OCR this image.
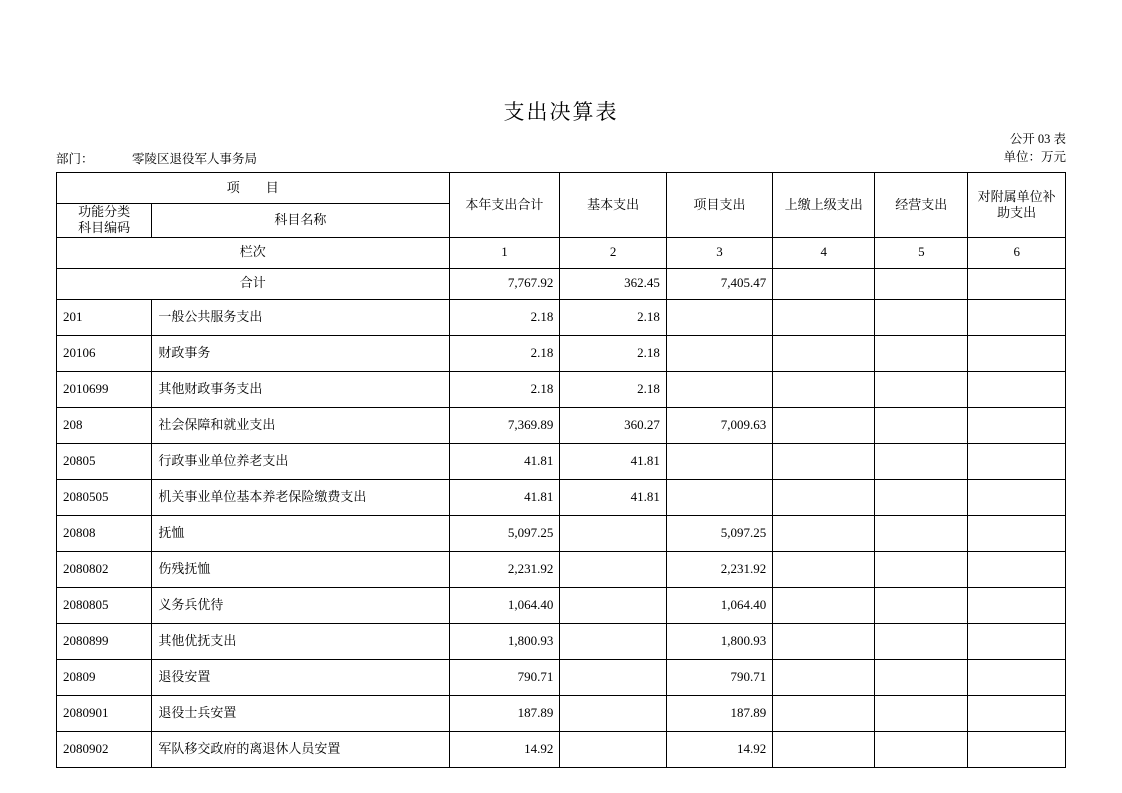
支出决算表
公开 03 表
单位：万元
部门：	零陵区退役军人事务局
项　　目		本年支出合计	基本支出	项目支出	上缴上级支出	经营支出	对附属单位补助支出

功能分类
科目编码	科目名称						
栏次		1	2	3	4	5	6
合计		7,767.92	362.45	7,405.47			
201	一般公共服务支出	2.18	2.18				
20106	财政事务	2.18	2.18				
2010699	其他财政事务支出	2.18	2.18				
208	社会保障和就业支出	7,369.89	360.27	7,009.63			
20805	行政事业单位养老支出	41.81	41.81				
2080505	机关事业单位基本养老保险缴费支出	41.81	41.81				
20808	抚恤	5,097.25		5,097.25			
2080802	伤残抚恤	2,231.92		2,231.92			
2080805	义务兵优待	1,064.40		1,064.40			
2080899	其他优抚支出	1,800.93		1,800.93			
20809	退役安置	790.71		790.71			
2080901	退役士兵安置	187.89		187.89			
2080902	军队移交政府的离退休人员安置	14.92		14.92			
